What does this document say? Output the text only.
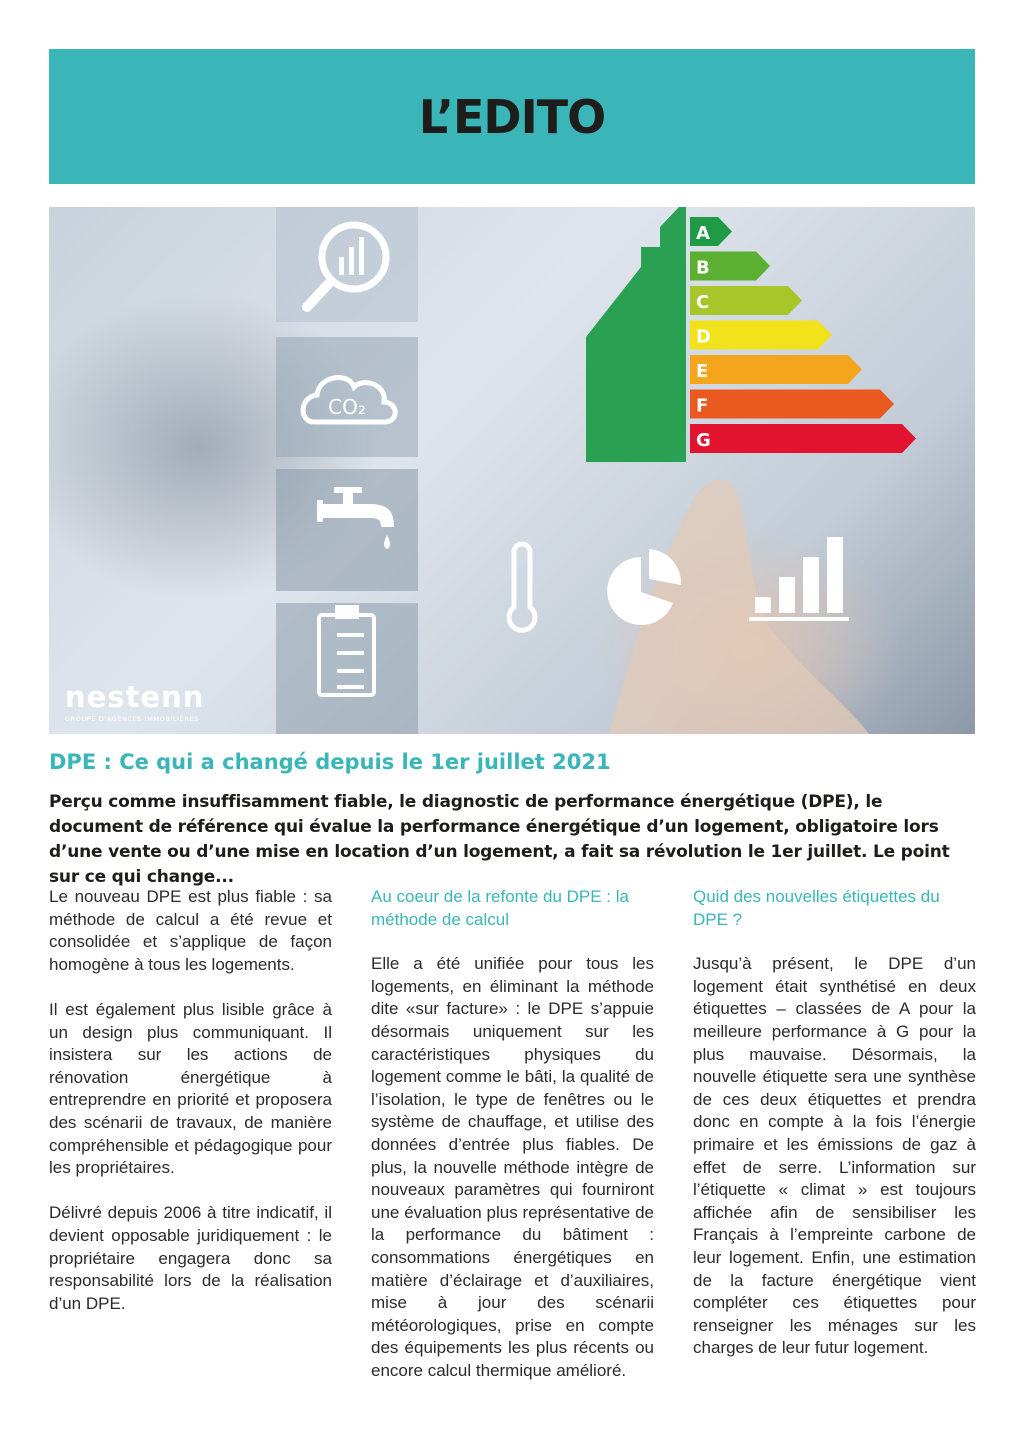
L’EDITO
CO₂
A
B
C
D
E
F
G
nestenn
GROUPE D'AGENCES IMMOBILIÈRES
DPE : Ce qui a changé depuis le 1er juillet 2021

Perçu comme insuffisamment fiable, le diagnostic de performance énergétique (DPE), le document de référence qui évalue la performance énergétique d’un logement, obligatoire lors d’une vente ou d’une mise en location d’un logement, a fait sa révolution le 1er juillet. Le point sur ce qui change...

Le nouveau DPE est plus fiable : sa méthode de calcul a été revue et consolidée et s’applique de façon homogène à tous les logements.

Il est également plus lisible grâce à un design plus communiquant. Il insistera sur les actions de rénovation énergétique à entreprendre en priorité et proposera des scénarii de travaux, de manière compréhensible et pédagogique pour les propriétaires.

Délivré depuis 2006 à titre indicatif, il devient opposable juridiquement : le propriétaire engagera donc sa responsabilité lors de la réalisation d’un DPE.

Au coeur de la refonte du DPE : la méthode de calcul

Elle a été unifiée pour tous les logements, en éliminant la méthode dite «sur facture» : le DPE s’appuie désormais uniquement sur les caractéristiques physiques du logement comme le bâti, la qualité de l’isolation, le type de fenêtres ou le système de chauffage, et utilise des données d’entrée plus fiables. De plus, la nouvelle méthode intègre de nouveaux paramètres qui fourniront une évaluation plus représentative de la performance du bâtiment : consommations énergétiques en matière d’éclairage et d’auxiliaires, mise à jour des scénarii météorologiques, prise en compte des équipements les plus récents ou encore calcul thermique amélioré.

Quid des nouvelles étiquettes du DPE ?

Jusqu’à présent, le DPE d’un logement était synthétisé en deux étiquettes – classées de A pour la meilleure performance à G pour la plus mauvaise. Désormais, la nouvelle étiquette sera une synthèse de ces deux étiquettes et prendra donc en compte à la fois l’énergie primaire et les émissions de gaz à effet de serre. L’information sur l’étiquette « climat » est toujours affichée afin de sensibiliser les Français à l’empreinte carbone de leur logement. Enfin, une estimation de la facture énergétique vient compléter ces étiquettes pour renseigner les ménages sur les charges de leur futur logement.
